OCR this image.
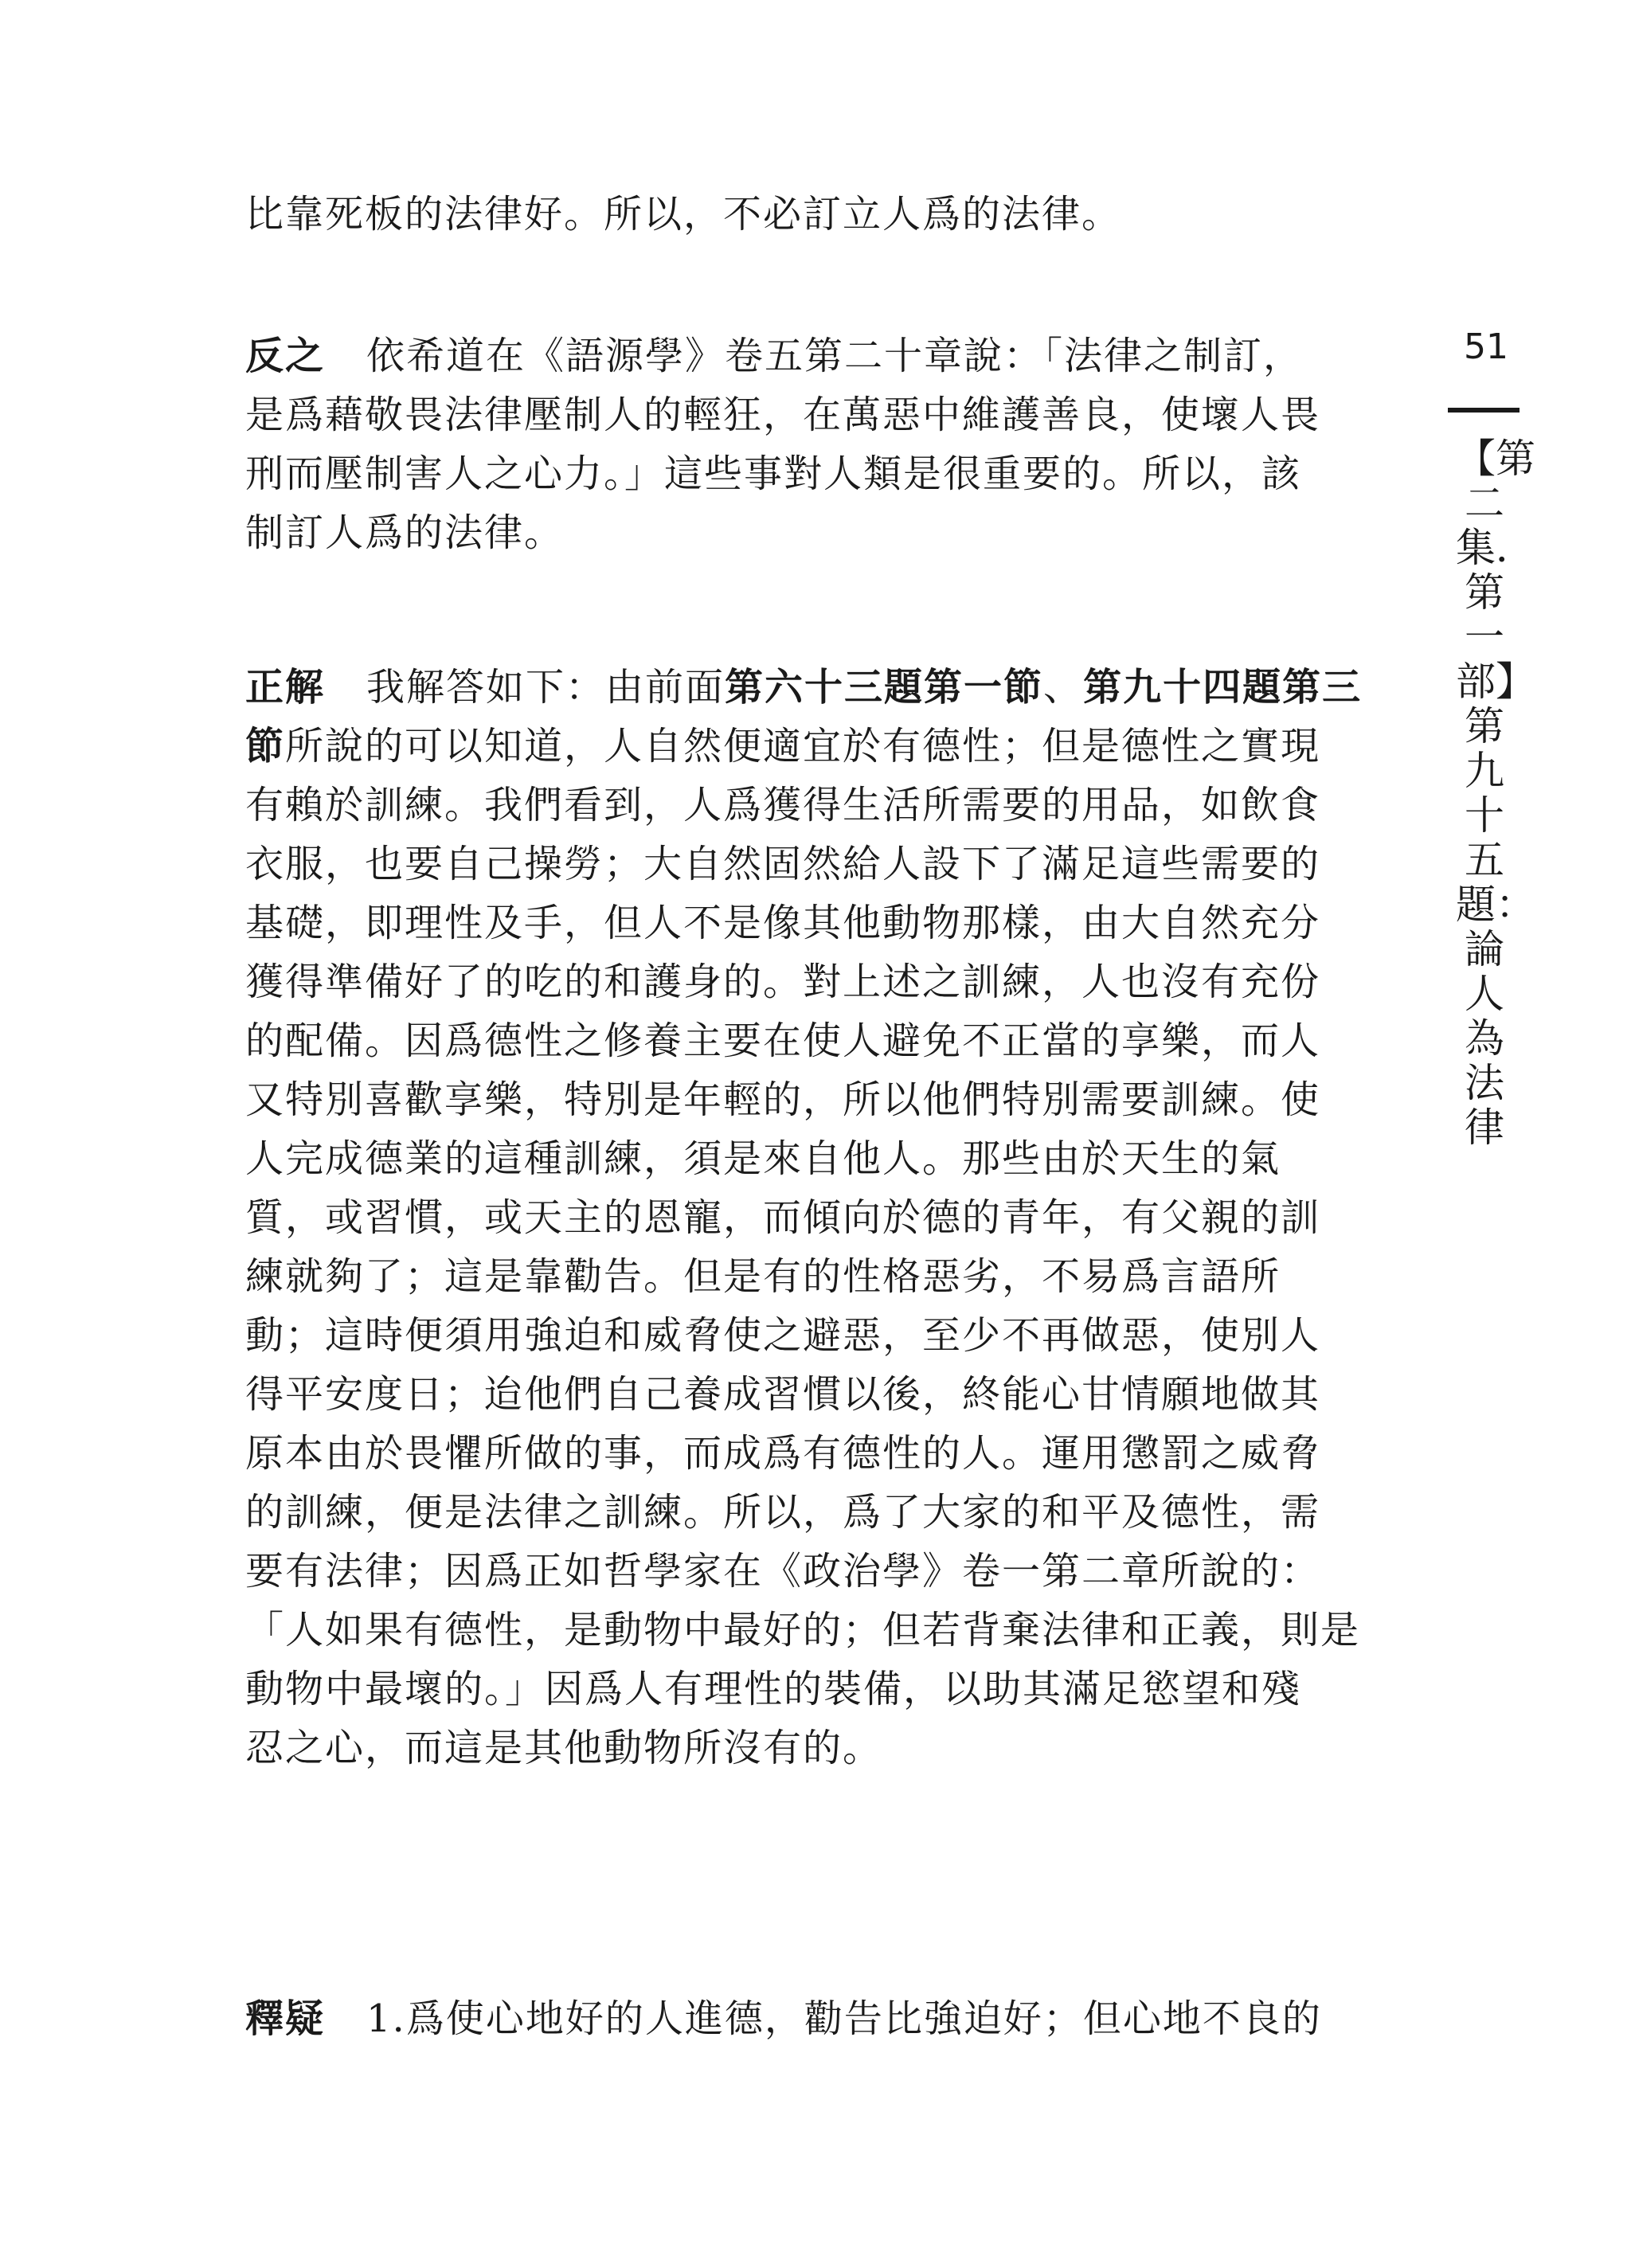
比靠死板的法律好。所以，不必訂立人爲的法律。
反之 依希道在《語源學》卷五第二十章說：「法律之制訂，
是爲藉敬畏法律壓制人的輕狂，在萬惡中維護善良，使壞人畏
刑而壓制害人之心力。」這些事對人類是很重要的。所以，該
制訂人爲的法律。
正解 我解答如下：由前面第六十三題第一節、第九十四題第三
節所說的可以知道，人自然便適宜於有德性；但是德性之實現
有賴於訓練。我們看到，人爲獲得生活所需要的用品，如飲食
衣服，也要自己操勞；大自然固然給人設下了滿足這些需要的
基礎，即理性及手，但人不是像其他動物那樣，由大自然充分
獲得準備好了的吃的和護身的。對上述之訓練，人也沒有充份
的配備。因爲德性之修養主要在使人避免不正當的享樂，而人
又特別喜歡享樂，特別是年輕的，所以他們特別需要訓練。使
人完成德業的這種訓練，須是來自他人。那些由於天生的氣
質，或習慣，或天主的恩寵，而傾向於德的青年，有父親的訓
練就夠了；這是靠勸告。但是有的性格惡劣，不易爲言語所
動；這時便須用強迫和威脅使之避惡，至少不再做惡，使別人
得平安度日；迨他們自己養成習慣以後，終能心甘情願地做其
原本由於畏懼所做的事，而成爲有德性的人。運用懲罰之威脅
的訓練，便是法律之訓練。所以，爲了大家的和平及德性，需
要有法律；因爲正如哲學家在《政治學》卷一第二章所說的：
「人如果有德性，是動物中最好的；但若背棄法律和正義，則是
動物中最壞的。」因爲人有理性的裝備，以助其滿足慾望和殘
忍之心，而這是其他動物所沒有的。
釋疑 1.爲使心地好的人進德，勸告比強迫好；但心地不良的
51
【第二集．第一部】第九十五題：論人為法律
